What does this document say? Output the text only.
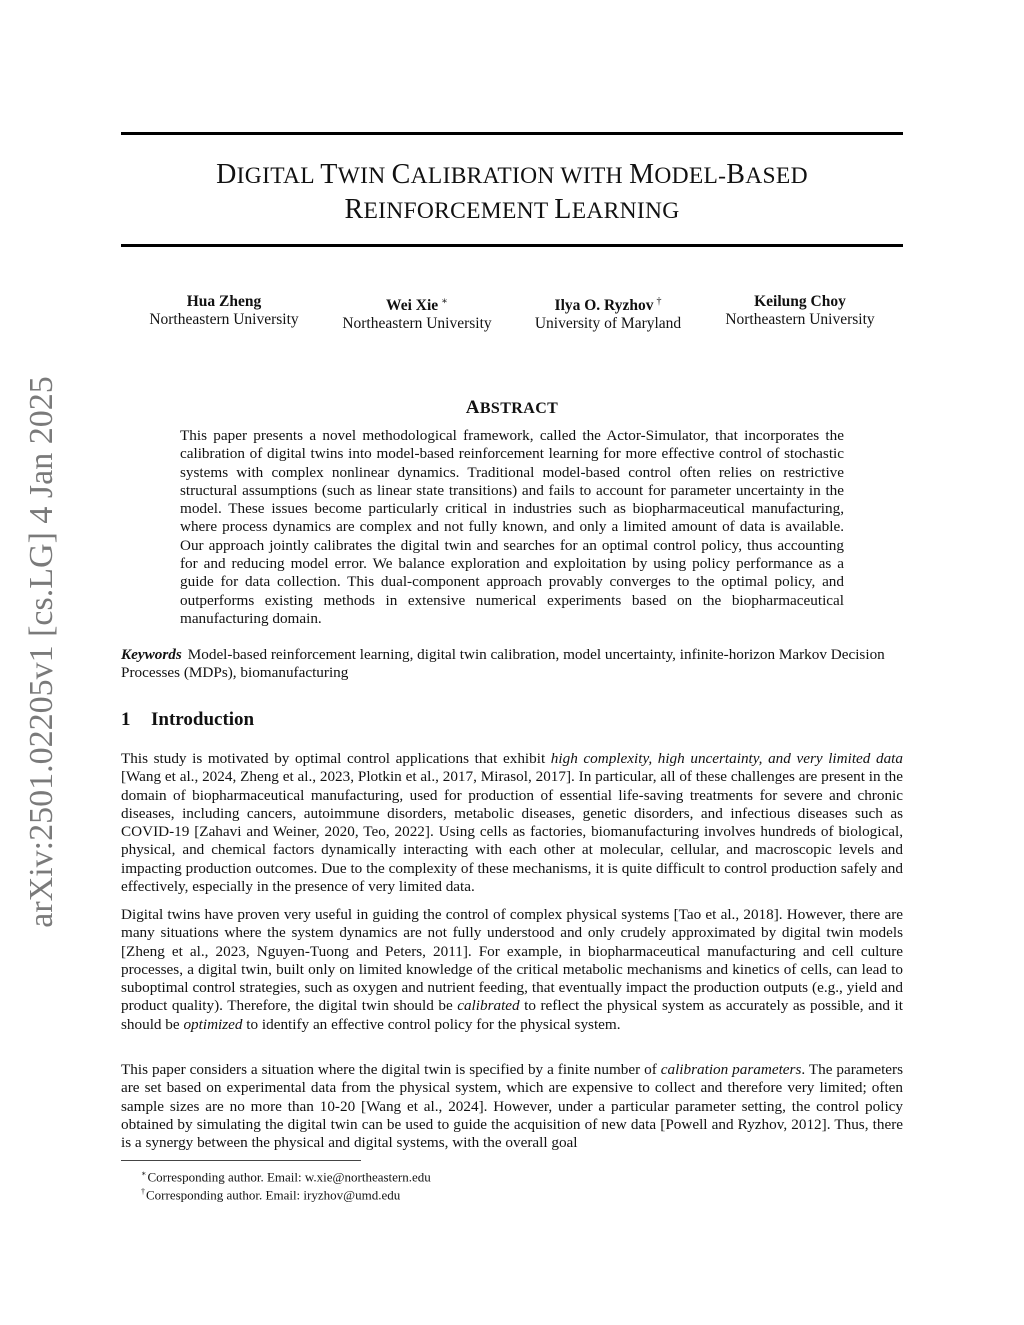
DIGITAL TWIN CALIBRATION WITH MODEL-BASED
REINFORCEMENT LEARNING
Hua Zheng
Northeastern University
Wei Xie ∗
Northeastern University
Ilya O. Ryzhov †
University of Maryland
Keilung Choy
Northeastern University
arXiv:2501.02205v1 [cs.LG] 4 Jan 2025	ABSTRACT

This paper presents a novel methodological framework, called the Actor-Simulator, that incorporates the calibration of digital twins into model-based reinforcement learning for more effective control of stochastic systems with complex nonlinear dynamics. Traditional model-based control often relies on restrictive structural assumptions (such as linear state transitions) and fails to account for parameter uncertainty in the model. These issues become particularly critical in industries such as biopharmaceutical manufacturing, where process dynamics are complex and not fully known, and only a limited amount of data is available. Our approach jointly calibrates the digital twin and searches for an optimal control policy, thus accounting for and reducing model error. We balance exploration and exploitation by using policy performance as a guide for data collection. This dual-component approach provably converges to the optimal policy, and outperforms existing methods in extensive numerical experiments based on the biopharmaceutical manufacturing domain.

Keywords Model-based reinforcement learning, digital twin calibration, model uncertainty, infinite-horizon Markov Decision Processes (MDPs), biomanufacturing

1 Introduction

This study is motivated by optimal control applications that exhibit high complexity, high uncertainty, and very limited data [Wang et al., 2024, Zheng et al., 2023, Plotkin et al., 2017, Mirasol, 2017]. In particular, all of these challenges are present in the domain of biopharmaceutical manufacturing, used for production of essential life-saving treatments for severe and chronic diseases, including cancers, autoimmune disorders, metabolic diseases, genetic disorders, and infectious diseases such as COVID-19 [Zahavi and Weiner, 2020, Teo, 2022]. Using cells as factories, biomanufacturing involves hundreds of biological, physical, and chemical factors dynamically interacting with each other at molecular, cellular, and macroscopic levels and impacting production outcomes. Due to the complexity of these mechanisms, it is quite difficult to control production safely and effectively, especially in the presence of very limited data.

Digital twins have proven very useful in guiding the control of complex physical systems [Tao et al., 2018]. However, there are many situations where the system dynamics are not fully understood and only crudely approximated by digital twin models [Zheng et al., 2023, Nguyen-Tuong and Peters, 2011]. For example, in biopharmaceutical manufacturing and cell culture processes, a digital twin, built only on limited knowledge of the critical metabolic mechanisms and kinetics of cells, can lead to suboptimal control strategies, such as oxygen and nutrient feeding, that eventually impact the production outputs (e.g., yield and product quality). Therefore, the digital twin should be calibrated to reflect the physical system as accurately as possible, and it should be optimized to identify an effective control policy for the physical system.

This paper considers a situation where the digital twin is specified by a finite number of calibration parameters. The parameters are set based on experimental data from the physical system, which are expensive to collect and therefore very limited; often sample sizes are no more than 10-20 [Wang et al., 2024]. However, under a particular parameter setting, the control policy obtained by simulating the digital twin can be used to guide the acquisition of new data [Powell and Ryzhov, 2012]. Thus, there is a synergy between the physical and digital systems, with the overall goal

∗Corresponding author. Email: w.xie@northeastern.edu

†Corresponding author. Email: iryzhov@umd.edu
